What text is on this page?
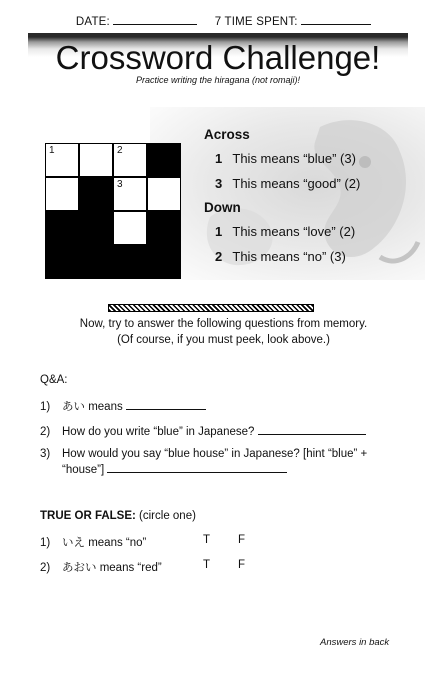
DATE:	7 TIME SPENT:
Crossword Challenge!
Practice writing the hiragana (not romaji)!
1	2
3
Across
1 This means “blue” (3)
3 This means “good” (2)
Down
1 This means “love” (2)
2 This means “no” (3)
Now, try to answer the following questions from memory.
(Of course, if you must peek, look above.)
Q&A:
1) あい means
2) How do you write “blue” in Japanese?
3) How would you say “blue house” in Japanese? [hint “blue” +
“house”]
TRUE OR FALSE: (circle one)
1) いえ means “no”	T F
2) あおい means “red”	T F
Answers in back
